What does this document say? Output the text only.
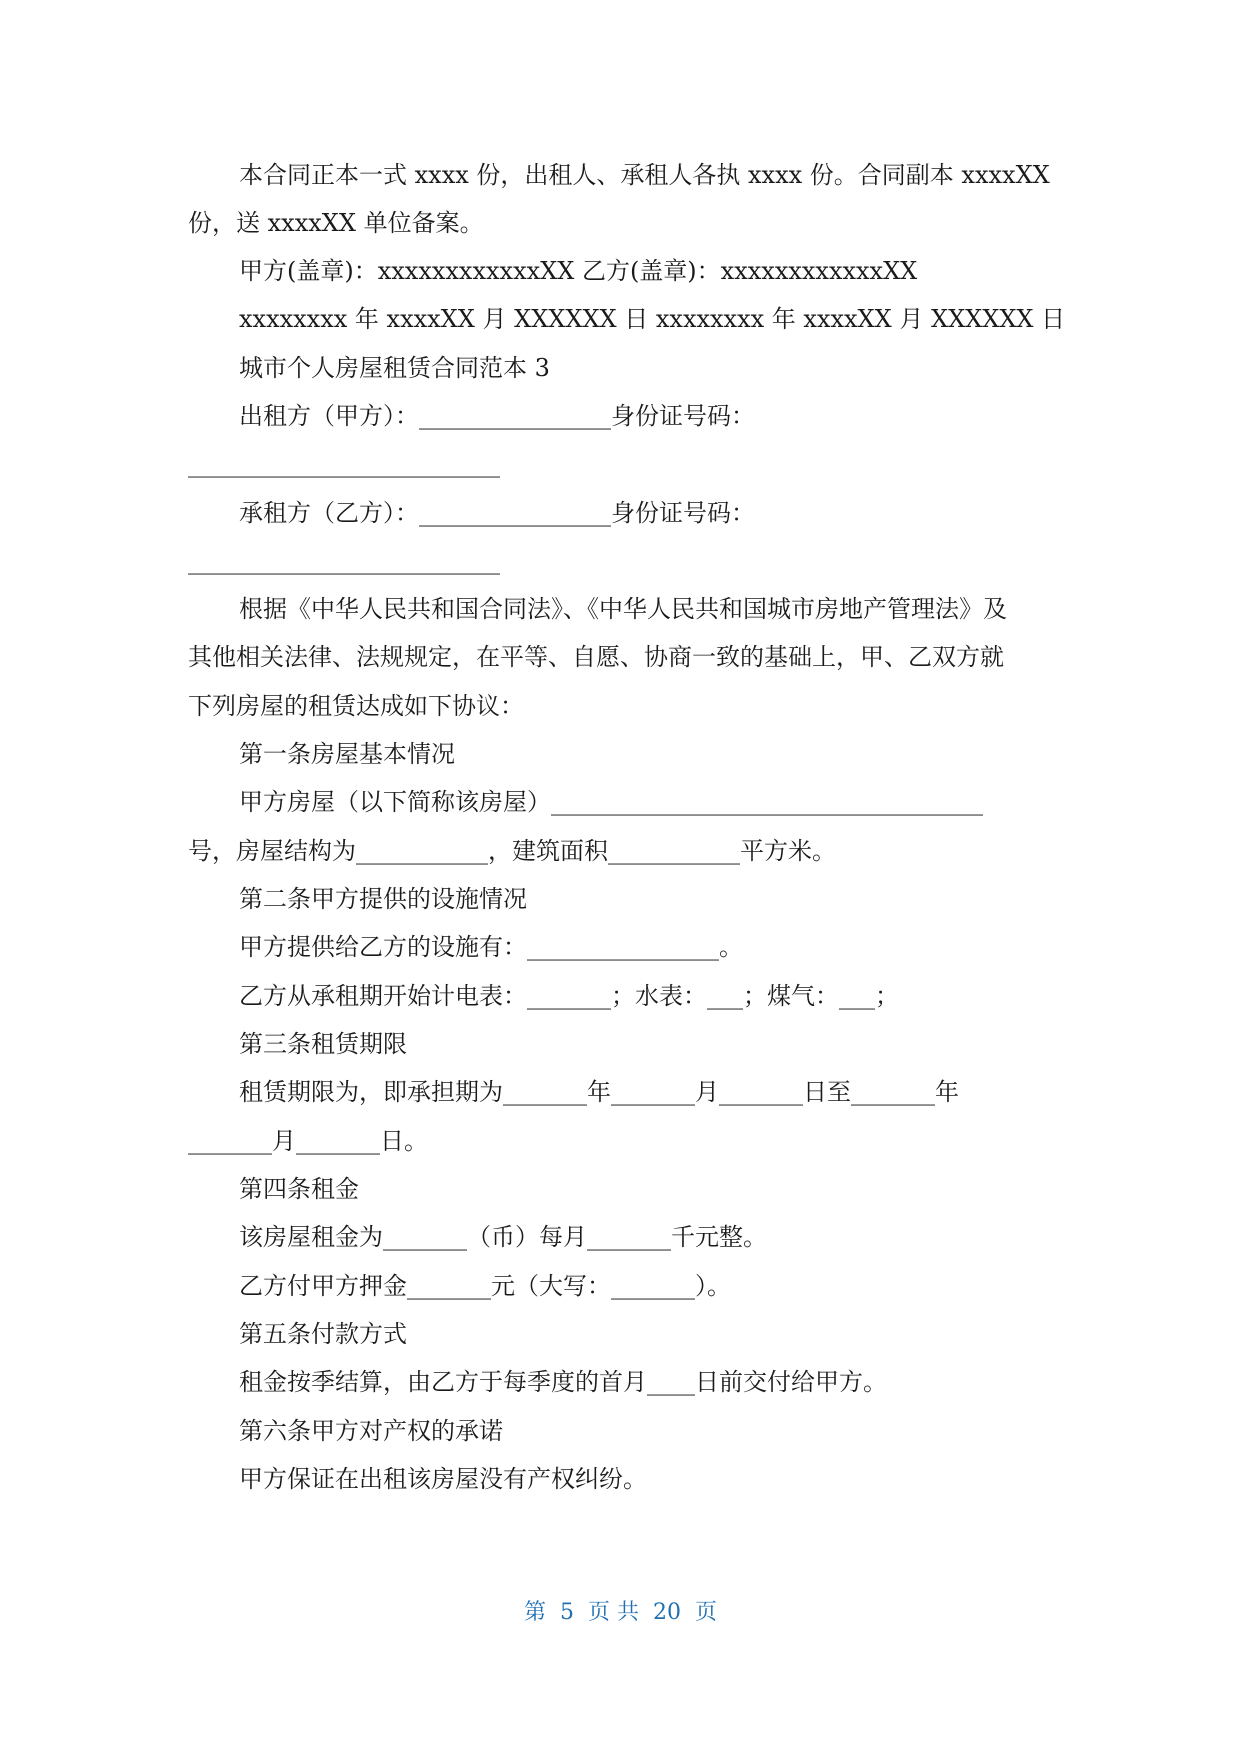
本合同正本一式 xxxx 份，出租人、承租人各执 xxxx 份。合同副本 xxxxXX
份，送 xxxxXX 单位备案。
甲方(盖章)：xxxxxxxxxxxxXX 乙方(盖章)：xxxxxxxxxxxxXX
xxxxxxxx 年 xxxxXX 月 XXXXXX 日 xxxxxxxx 年 xxxxXX 月 XXXXXX 日
城市个人房屋租赁合同范本 3
出租方（甲方）：________________身份证号码：
__________________________
承租方（乙方）：________________身份证号码：
__________________________
根据《中华人民共和国合同法》、《中华人民共和国城市房地产管理法》及
其他相关法律、法规规定，在平等、自愿、协商一致的基础上，甲、乙双方就
下列房屋的租赁达成如下协议：
第一条房屋基本情况
甲方房屋（以下简称该房屋）____________________________________
号，房屋结构为___________，建筑面积___________平方米。
第二条甲方提供的设施情况
甲方提供给乙方的设施有：________________。
乙方从承租期开始计电表：_______；水表：___；煤气：___；
第三条租赁期限
租赁期限为，即承担期为_______年_______月_______日至_______年
_______月_______日。
第四条租金
该房屋租金为_______（币）每月_______千元整。
乙方付甲方押金_______元（大写：_______）。
第五条付款方式
租金按季结算，由乙方于每季度的首月____日前交付给甲方。
第六条甲方对产权的承诺
甲方保证在出租该房屋没有产权纠纷。
第  5  页 共  20  页
